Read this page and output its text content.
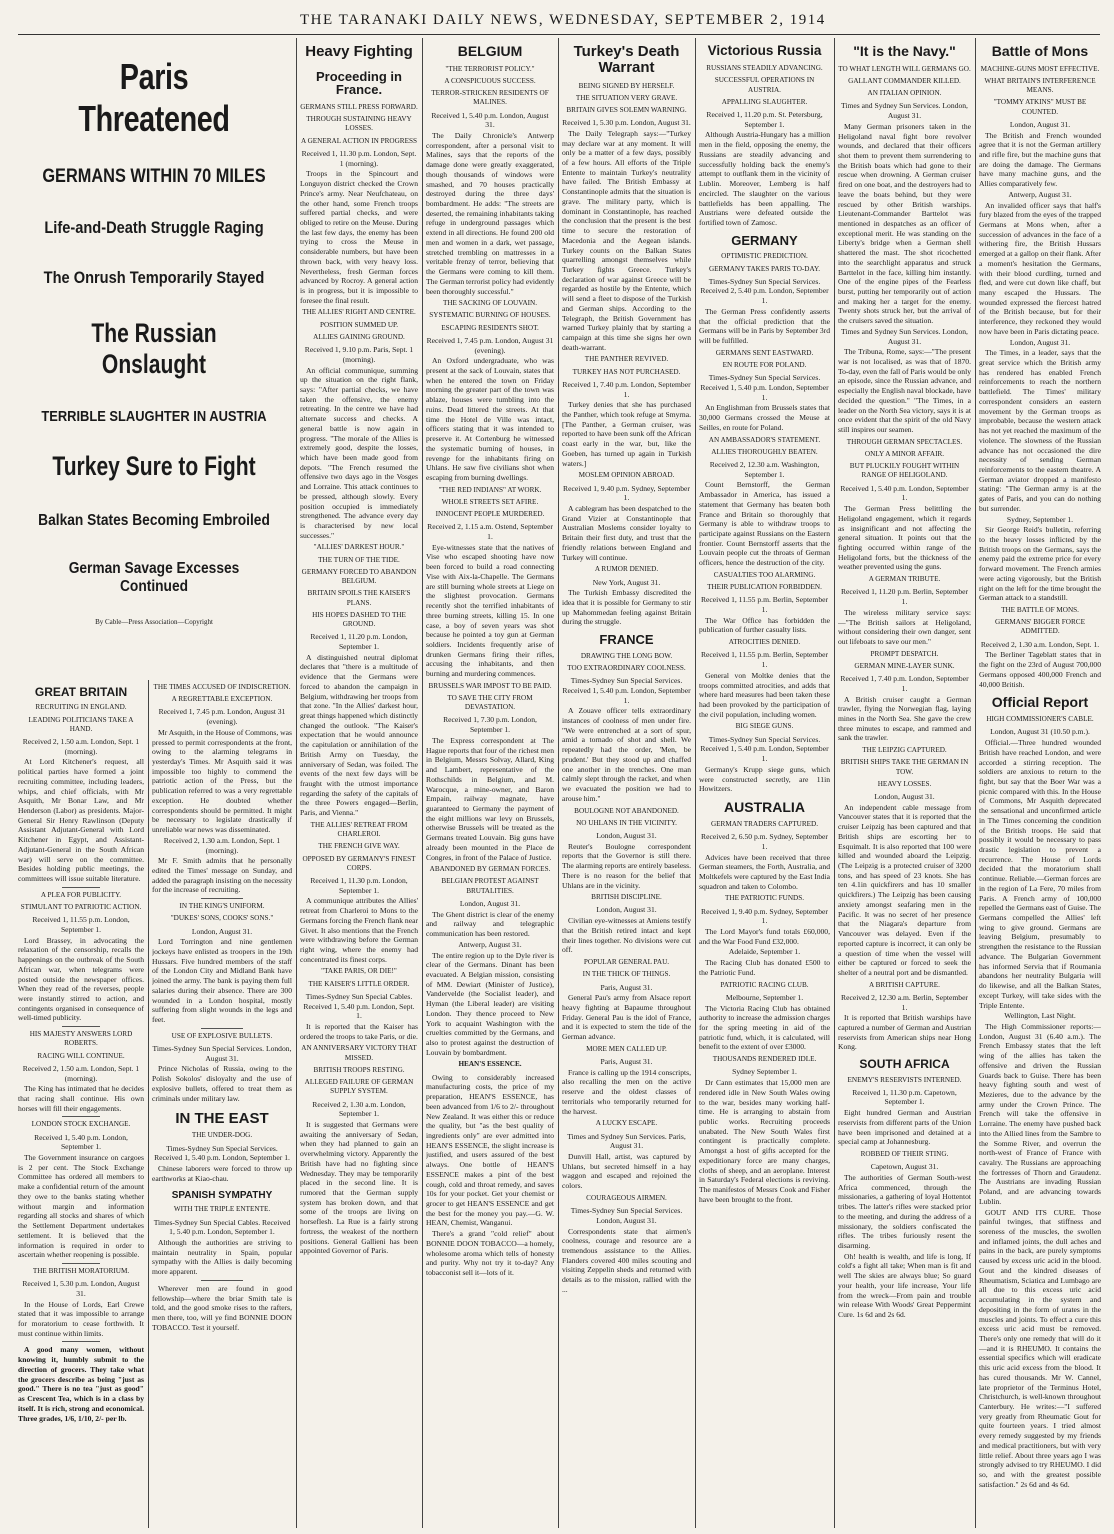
THE TARANAKI DAILY NEWS, WEDNESDAY, SEPTEMBER 2, 1914
Paris Threatened
GERMANS WITHIN 70 MILES
Life-and-Death Struggle Raging
The Onrush Temporarily Stayed
The Russian Onslaught
TERRIBLE SLAUGHTER IN AUSTRIA
Turkey Sure to Fight
Balkan States Becoming Embroiled
German Savage Excesses Continued
By Cable—Press Association—Copyright
GREAT BRITAIN
RECRUITING IN ENGLAND.
LEADING POLITICIANS TAKE A HAND.
Received 2, 1.50 a.m. London, Sept. 1 (morning).

At Lord Kitchener's request, all political parties have formed a joint recruiting committee, including leaders, whips, and chief officials, with Mr Asquith, Mr Bonar Law, and Mr Henderson (Labor) as presidents. Major-General Sir Henry Rawlinson (Deputy Assistant Adjutant-General with Lord Kitchener in Egypt, and Assistant-Adjutant-General in the South African war) will serve on the committee. Besides holding public meetings, the committees will issue suitable literature.

A PLEA FOR PUBLICITY.
STIMULANT TO PATRIOTIC ACTION.
Received 1, 11.55 p.m. London, September 1.

Lord Brassey, in advocating the relaxation of the censorship, recalls the happenings on the outbreak of the South African war, when telegrams were posted outside the newspaper offices. When they read of the reverses, people were instantly stirred to action, and contingents organised in consequence of well-timed publicity.

HIS MAJESTY ANSWERS LORD ROBERTS.
RACING WILL CONTINUE.
Received 2, 1.50 a.m. London, Sept. 1 (morning).

The King has intimated that he decides that racing shall continue. His own horses will fill their engagements.

LONDON STOCK EXCHANGE.
Received 1, 5.40 p.m. London, September 1.

The Government insurance on cargoes is 2 per cent. The Stock Exchange Committee has ordered all members to make a confidential return of the amount they owe to the banks stating whether without margin and information regarding all stocks and shares of which the Settlement Department undertakes settlement. It is believed that the information is required in order to ascertain whether reopening is possible.

THE BRITISH MORATORIUM.
Received 1, 5.30 p.m. London, August 31.

In the House of Lords, Earl Crewe stated that it was impossible to arrange for moratorium to cease forthwith. It must continue within limits.

A good many women, without knowing it, humbly submit to the direction of grocers. They take what the grocers describe as being "just as good." There is no tea "just as good" as Crescent Tea, which is in a class by itself. It is rich, strong and economical. Three grades, 1/6, 1/10, 2/- per lb.

THE TIMES ACCUSED OF INDISCRETION.
A REGRETTABLE EXCEPTION.
Received 1, 7.45 p.m. London, August 31 (evening).

Mr Asquith, in the House of Commons, was pressed to permit correspondents at the front, owing to the alarming telegrams in yesterday's Times. Mr Asquith said it was impossible too highly to commend the patriotic action of the Press, but the publication referred to was a very regrettable exception. He doubted whether correspondents should be permitted. It might be necessary to legislate drastically if unreliable war news was disseminated.

Received 2, 1.30 a.m. London, Sept. 1 (morning).

Mr F. Smith admits that he personally edited the Times' message on Sunday, and added the paragraph insisting on the necessity for the increase of recruiting.

IN THE KING'S UNIFORM.
"DUKES' SONS, COOKS' SONS."
London, August 31.

Lord Torrington and nine gentlemen jockeys have enlisted as troopers in the 19th Hussars. Five hundred members of the staff of the London City and Midland Bank have joined the army. The bank is paying them full salaries during their absence. There are 300 wounded in a London hospital, mostly suffering from slight wounds in the legs and feet.

USE OF EXPLOSIVE BULLETS.
Times-Sydney Sun Special Services. London, August 31.

Prince Nicholas of Russia, owing to the Polish Sokolos' disloyalty and the use of explosive bullets, offered to treat them as criminals under military law.

IN THE EAST
THE UNDER-DOG.
Times-Sydney Sun Special Services. Received 1, 5.40 p.m. London, September 1.

Chinese laborers were forced to throw up earthworks at Kiao-chau.

SPANISH SYMPATHY
WITH THE TRIPLE ENTENTE.
Times-Sydney Sun Special Cables. Received 1, 5.40 p.m. London, September 1.

Although the authorities are striving to maintain neutrality in Spain, popular sympathy with the Allies is daily becoming more apparent.

Wherever men are found in good fellowship—where the briar Smith tale is told, and the good smoke rises to the rafters, men there, too, will ye find BONNIE DOON TOBACCO. Test it yourself.

Heavy Fighting
Proceeding in France.
GERMANS STILL PRESS FORWARD.
THROUGH SUSTAINING HEAVY LOSSES.
A GENERAL ACTION IN PROGRESS
Received 1, 11.30 p.m. London, Sept. 1 (morning).

Troops in the Spincourt and Longuyon district checked the Crown Prince's army. Near Neufchateau, on the other hand, some French troops suffered partial checks, and were obliged to retire on the Meuse. During the last few days, the enemy has been trying to cross the Meuse in considerable numbers, but have been thrown back, with very heavy loss. Nevertheless, fresh German forces advanced by Rocroy. A general action is in progress, but it is impossible to foresee the final result.

THE ALLIES' RIGHT AND CENTRE.
POSITION SUMMED UP.
ALLIES GAINING GROUND.
Received 1, 9.10 p.m. Paris, Sept. 1 (morning).

An official communique, summing up the situation on the right flank, says: "After partial checks, we have taken the offensive, the enemy retreating. In the centre we have had alternate success and checks. A general battle is now again in progress. "The morale of the Allies is extremely good, despite the losses, which have been made good from depots. "The French resumed the offensive two days ago in the Vosges and Lorraine. This attack continues to be pressed, although slowly. Every position occupied is immediately strengthened. The advance every day is characterised by new local successes."

"ALLIES' DARKEST HOUR."
THE TURN OF THE TIDE.
GERMANY FORCED TO ABANDON BELGIUM.
BRITAIN SPOILS THE KAISER'S PLANS.
HIS HOPES DASHED TO THE GROUND.
Received 1, 11.20 p.m. London, September 1.

A distinguished neutral diplomat declares that "there is a multitude of evidence that the Germans were forced to abandon the campaign in Belgium, withdrawing her troops from that zone. "In the Allies' darkest hour, great things happened which distinctly changed the outlook. "The Kaiser's expectation that he would announce the capitulation or annihilation of the British Army on Tuesday, the anniversary of Sedan, was foiled. The events of the next few days will be fraught with the utmost importance regarding the safety of the capitals of the three Powers engaged—Berlin, Paris, and Vienna."

THE ALLIES' RETREAT FROM CHARLEROI.
THE FRENCH GIVE WAY.
OPPOSED BY GERMANY'S FINEST CORPS.
Received 1, 11.30 p.m. London, September 1.

A communique attributes the Allies' retreat from Charleroi to Mons to the Germans forcing the French flank near Givet. It also mentions that the French were withdrawing before the German right wing, where the enemy had concentrated its finest corps.

"TAKE PARIS, OR DIE!"
THE KAISER'S LITTLE ORDER.
Times-Sydney Sun Special Cables. Received 1, 5.40 p.m. London, Sept. 1.

It is reported that the Kaiser has ordered the troops to take Paris, or die.

AN ANNIVERSARY VICTORY THAT MISSED.
BRITISH TROOPS RESTING.
ALLEGED FAILURE OF GERMAN SUPPLY SYSTEM.
Received 2, 1.30 a.m. London, September 1.

It is suggested that Germans were awaiting the anniversary of Sedan, when they had planned to gain an overwhelming victory. Apparently the British have had no fighting since Wednesday. They may be temporarily placed in the second line. It is rumored that the German supply system has broken down, and that some of the troops are living on horseflesh. La Rue is a fairly strong fortress, the weakest of the northern positions. General Gallieni has been appointed Governor of Paris.

BELGIUM
"THE TERRORIST POLICY."
A CONSPICUOUS SUCCESS.
TERROR-STRICKEN RESIDENTS OF MALINES.
Received 1, 5.40 p.m. London, August 31.

The Daily Chronicle's Antwerp correspondent, after a personal visit to Malines, says that the reports of the damage done were greatly exaggerated, though thousands of windows were smashed, and 70 houses practically destroyed during the three days' bombardment. He adds: "The streets are deserted, the remaining inhabitants taking refuge in underground passages which extend in all directions. He found 200 old men and women in a dark, wet passage, stretched trembling on mattresses in a veritable frenzy of terror, believing that the Germans were coming to kill them. The German terrorist policy had evidently been thoroughly successful."

THE SACKING OF LOUVAIN.
SYSTEMATIC BURNING OF HOUSES.
ESCAPING RESIDENTS SHOT.
Received 1, 7.45 p.m. London, August 31 (evening).

An Oxford undergraduate, who was present at the sack of Louvain, states that when he entered the town on Friday morning the greater part of the town was ablaze, houses were tumbling into the ruins. Dead littered the streets. At that time the Hotel de Ville was intact, officers stating that it was intended to preserve it. At Cortenburg he witnessed the systematic burning of houses, in revenge for the inhabitants firing on Uhlans. He saw five civilians shot when escaping from burning dwellings.

"THE RED INDIANS" AT WORK.
WHOLE STREETS SET AFIRE.
INNOCENT PEOPLE MURDERED.
Received 2, 1.15 a.m. Ostend, September 1.

Eye-witnesses state that the natives of Vise who escaped shooting have now been forced to build a road connecting Vise with Aix-la-Chapelle. The Germans are still burning whole streets at Liege on the slightest provocation. Germans recently shot the terrified inhabitants of three burning streets, killing 15. In one case, a boy of seven years was shot because he pointed a toy gun at German soldiers. Incidents frequently arise of drunken Germans firing their rifles, accusing the inhabitants, and then burning and murdering commences.

BRUSSELS WAR IMPOST TO BE PAID.
TO SAVE THE CITY FROM DEVASTATION.
Received 1, 7.30 p.m. London, September 1.

The Express correspondent at The Hague reports that four of the richest men in Belgium, Messrs Solvay, Allard, King and Lambert, representative of the Rothschilds in Belgium, and M. Warocque, a mine-owner, and Baron Empain, railway magnate, have guaranteed to Germany the payment of the eight millions war levy on Brussels, otherwise Brussels will be treated as the Germans treated Louvain. Big guns have already been mounted in the Place de Congres, in front of the Palace of Justice.

ABANDONED BY GERMAN FORCES.
BELGIAN PROTEST AGAINST BRUTALITIES.
London, August 31.

The Ghent district is clear of the enemy and railway and telegraphic communication has been restored.

Antwerp, August 31.

The entire region up to the Dyle river is clear of the Germans. Dinant has been evacuated. A Belgian mission, consisting of MM. Dewiart (Minister of Justice), Vandervelde (the Socialist leader), and Hyman (the Liberal leader) are visiting London. They thence proceed to New York to acquaint Washington with the cruelties committed by the Germans, and also to protest against the destruction of Louvain by bombardment.

HEAN'S ESSENCE.

Owing to considerably increased manufacturing costs, the price of my preparation, HEAN'S ESSENCE, has been advanced from 1/6 to 2/- throughout New Zealand. It was either this or reduce the quality, but "as the best quality of ingredients only" are ever admitted into HEAN'S ESSENCE, the slight increase is justified, and users assured of the best always. One bottle of HEAN'S ESSENCE makes a pint of the best cough, cold and throat remedy, and saves 10s for your pocket. Get your chemist or grocer to get HEAN'S ESSENCE and get the best for the money you pay.—G. W. HEAN, Chemist, Wanganui.

There's a grand "cold relief" about BONNIE DOON TOBACCO—a homely, wholesome aroma which tells of honesty and purity. Why not try it to-day? Any tobacconist sell it—lots of it.

Turkey's Death
Warrant
BEING SIGNED BY HERSELF.
THE SITUATION VERY GRAVE.
BRITAIN GIVES SOLEMN WARNING.
Received 1, 5.30 p.m. London, August 31.

The Daily Telegraph says:—"Turkey may declare war at any moment. It will only be a matter of a few days, possibly of a few hours. All efforts of the Triple Entente to maintain Turkey's neutrality have failed. The British Embassy at Constantinople admits that the situation is grave. The military party, which is dominant in Constantinople, has reached the conclusion that the present is the best time to secure the restoration of Macedonia and the Aegean islands. Turkey counts on the Balkan States quarrelling amongst themselves while Turkey fights Greece. Turkey's declaration of war against Greece will be regarded as hostile by the Entente, which will send a fleet to dispose of the Turkish and German ships. According to the Telegraph, the British Government has warned Turkey plainly that by starting a campaign at this time she signs her own death-warrant.

THE PANTHER REVIVED.
TURKEY HAS NOT PURCHASED.
Received 1, 7.40 p.m. London, September 1.

Turkey denies that she has purchased the Panther, which took refuge at Smyrna. [The Panther, a German cruiser, was reported to have been sunk off the African coast early in the war, but, like the Goeben, has turned up again in Turkish waters.]

MOSLEM OPINION ABROAD.
Received 1, 9.40 p.m. Sydney, September 1.

A cablegram has been despatched to the Grand Vizier at Constantinople that Australian Moslems consider loyalty to Britain their first duty, and trust that the friendly relations between England and Turkey will continue.

A RUMOR DENIED.
New York, August 31.

The Turkish Embassy discredited the idea that it is possible for Germany to stir up Mahommedan feeling against Britain during the struggle.

FRANCE
DRAWING THE LONG BOW.
TOO EXTRAORDINARY COOLNESS.
Times-Sydney Sun Special Services. Received 1, 5.40 p.m. London, September 1.

A Zouave officer tells extraordinary instances of coolness of men under fire. "We were entrenched at a sort of spur, amid a tornado of shot and shell. We repeatedly had the order, 'Men, be prudent.' But they stood up and chaffed one another in the trenches. One man calmly slept through the racket, and when we evacuated the position we had to arouse him."

BOULOGNE NOT ABANDONED.
NO UHLANS IN THE VICINITY.
London, August 31.

Reuter's Boulogne correspondent reports that the Governor is still there. The alarming reports are entirely baseless. There is no reason for the belief that Uhlans are in the vicinity.

BRITISH DISCIPLINE.
London, August 31.

Civilian eye-witnesses at Amiens testify that the British retired intact and kept their lines together. No divisions were cut off.

POPULAR GENERAL PAU.
IN THE THICK OF THINGS.
Paris, August 31.

General Pau's army from Alsace report heavy fighting at Bapaume throughout Friday. General Pau is the idol of France, and it is expected to stem the tide of the German advance.

MORE MEN CALLED UP.
Paris, August 31.

France is calling up the 1914 conscripts, also recalling the men on the active reserve and the oldest classes of territorials who temporarily returned for the harvest.

A LUCKY ESCAPE.
Times and Sydney Sun Services. Paris, August 31.

Dunvill Hall, artist, was captured by Uhlans, but secreted himself in a hay waggon and escaped and rejoined the colors.

COURAGEOUS AIRMEN.
Times-Sydney Sun Special Services. London, August 31.

Correspondents state that airmen's coolness, courage and resource are a tremendous assistance to the Allies. Flanders covered 400 miles scouting and visiting Zeppelin sheds and returned with details as to the mission, rallied with the ...

Victorious Russia
RUSSIANS STEADILY ADVANCING.
SUCCESSFUL OPERATIONS IN AUSTRIA.
APPALLING SLAUGHTER.
Received 1, 11.20 p.m. St. Petersburg, September 1.

Although Austria-Hungary has a million men in the field, opposing the enemy, the Russians are steadily advancing and successfully holding back the enemy's attempt to outflank them in the vicinity of Lublin. Moreover, Lemberg is half encircled. The slaughter on the various battlefields has been appalling. The Austrians were defeated outside the fortified town of Zamosc.

GERMANY
OPTIMISTIC PREDICTION.
GERMANY TAKES PARIS TO-DAY.
Times-Sydney Sun Special Services. Received 2, 5.40 p.m. London, September 1.

The German Press confidently asserts that the official prediction that the Germans will be in Paris by September 3rd will be fulfilled.

GERMANS SENT EASTWARD.
EN ROUTE FOR POLAND.
Times-Sydney Sun Special Services. Received 1, 5.40 p.m. London, September 1.

An Englishman from Brussels states that 30,000 Germans crossed the Meuse at Seilles, en route for Poland.

AN AMBASSADOR'S STATEMENT.
ALLIES THOROUGHLY BEATEN.
Received 2, 12.30 a.m. Washington, September 1.

Count Bernstorff, the German Ambassador in America, has issued a statement that Germany has beaten both France and Britain so thoroughly that Germany is able to withdraw troops to participate against Russians on the Eastern frontier. Count Bernstorff asserts that the Louvain people cut the throats of German officers, hence the destruction of the city.

CASUALTIES TOO ALARMING.
THEIR PUBLICATION FORBIDDEN.
Received 1, 11.55 p.m. Berlin, September 1.

The War Office has forbidden the publication of further casualty lists.

ATROCITIES DENIED.
Received 1, 11.55 p.m. Berlin, September 1.

General von Moltke denies that the troops committed atrocities, and adds that where hard measures had been taken these had been provoked by the participation of the civil population, including women.

BIG SIEGE GUNS.
Times-Sydney Sun Special Services. Received 1, 5.40 p.m. London, September 1.

Germany's Krupp siege guns, which were constructed secretly, are 11in Howitzers.

AUSTRALIA
GERMAN TRADERS CAPTURED.
Received 2, 6.50 p.m. Sydney, September 1.

Advices have been received that three German steamers, the Forth, Australia, and Moltkefels were captured by the East India squadron and taken to Colombo.

THE PATRIOTIC FUNDS.
Received 1, 9.40 p.m. Sydney, September 1.

The Lord Mayor's fund totals £60,000, and the War Food Fund £32,000.

Adelaide, September 1.

The Racing Club has donated £500 to the Patriotic Fund.

PATRIOTIC RACING CLUB.
Melbourne, September 1.

The Victoria Racing Club has obtained authority to increase the admission charges for the spring meeting in aid of the patriotic fund, which, it is calculated, will benefit to the extent of over £3000.

THOUSANDS RENDERED IDLE.
Sydney September 1.

Dr Cann estimates that 15,000 men are rendered idle in New South Wales owing to the war, besides many working half-time. He is arranging to abstain from public works. Recruiting proceeds unabated. The New South Wales first contingent is practically complete. Amongst a host of gifts accepted for the expeditionary force are many charges, cloths of sheep, and an aeroplane. Interest in Saturday's Federal elections is reviving. The manifestos of Messrs Cook and Fisher have been brought to the front.

"It is the Navy."
TO WHAT LENGTH WILL GERMANS GO.
GALLANT COMMANDER KILLED.
AN ITALIAN OPINION.
Times and Sydney Sun Services. London, August 31.

Many German prisoners taken in the Heligoland naval fight bore revolver wounds, and declared that their officers shot them to prevent them surrendering to the British boats which had gone to their rescue when drowning. A German cruiser fired on one boat, and the destroyers had to leave the boats behind, but they were rescued by other British warships. Lieutenant-Commander Barttelot was mentioned in despatches as an officer of exceptional merit. He was standing on the Liberty's bridge when a German shell shattered the mast. The shot ricochetted into the searchlight apparatus and struck Barttelot in the face, killing him instantly. One of the engine pipes of the Fearless burst, putting her temporarily out of action and making her a target for the enemy. Twenty shots struck her, but the arrival of the cruisers saved the situation.

Times and Sydney Sun Services. London, August 31.

The Tribuna, Rome, says:—"The present war is not localised, as was that of 1870. To-day, even the fall of Paris would be only an episode, since the Russian advance, and especially the English naval blockade, have decided the question." "The Times, in a leader on the North Sea victory, says it is at once evident that the spirit of the old Navy still inspires our seamen.

THROUGH GERMAN SPECTACLES.
ONLY A MINOR AFFAIR.
BUT PLUCKILY FOUGHT WITHIN RANGE OF HELIGOLAND.
Received 1, 5.40 p.m. London, September 1.

The German Press belittling the Heligoland engagement, which it regards as insignificant and not affecting the general situation. It points out that the fighting occurred within range of the Heligoland forts, but the thickness of the weather prevented using the guns.

A GERMAN TRIBUTE.
Received 1, 11.20 p.m. Berlin, September 1.

The wireless military service says:—"The British sailors at Heligoland, without considering their own danger, sent out lifeboats to save our men."

PROMPT DESPATCH.
GERMAN MINE-LAYER SUNK.
Received 1, 7.40 p.m. London, September 1.

A British cruiser caught a German trawler, flying the Norwegian flag, laying mines in the North Sea. She gave the crew three minutes to escape, and rammed and sank the trawler.

THE LEIPZIG CAPTURED.
BRITISH SHIPS TAKE THE GERMAN IN TOW.
HEAVY LOSSES.
London, August 31.

An independent cable message from Vancouver states that it is reported that the cruiser Leipzig has been captured and that British ships are escorting her to Esquimalt. It is also reported that 100 were killed and wounded aboard the Leipzig. (The Leipzig is a protected cruiser of 3200 tons, and has speed of 23 knots. She has ten 4.1in quickfirers and has 10 smaller quickfirers.) The Leipzig has been causing anxiety amongst seafaring men in the Pacific. It was no secret of her presence that the Niagara's departure from Vancouver was delayed. Even if the reported capture is incorrect, it can only be a question of time when the vessel will either be captured or forced to seek the shelter of a neutral port and be dismantled.

A BRITISH CAPTURE.
Received 2, 12.30 a.m. Berlin, September 1.

It is reported that British warships have captured a number of German and Austrian reservists from American ships near Hong Kong.

SOUTH AFRICA
ENEMY'S RESERVISTS INTERNED.
Received 1, 11.30 p.m. Capetown, September 1.

Eight hundred German and Austrian reservists from different parts of the Union have been imprisoned and detained at a special camp at Johannesburg.

ROBBED OF THEIR STING.
Capetown, August 31.

The authorities of German South-west Africa commenced, through the missionaries, a gathering of loyal Hottentot tribes. The latter's rifles were stacked prior to the meeting, and during the address of a missionary, the soldiers confiscated the rifles. The tribes furiously resent the disarming.

Oh! health is wealth, and life is long, If cold's a fight all take; When man is fit and well The skies are always blue; So guard your health, your life increase, Your life from the wreck—From pain and trouble win release With Woods' Great Peppermint Cure. 1s 6d and 2s 6d.

Battle of Mons
MACHINE-GUNS MOST EFFECTIVE.
WHAT BRITAIN'S INTERFERENCE MEANS.
"TOMMY ATKINS" MUST BE COUNTED.
London, August 31.

The British and French wounded agree that it is not the German artillery and rifle fire, but the machine guns that are doing the damage. The Germans have many machine guns, and the Allies comparatively few.

Antwerp, August 31.

An invalided officer says that half's fury blazed from the eyes of the trapped Germans at Mons when, after a succession of advances in the face of a withering fire, the British Hussars emerged at a gallop on their flank. After a moment's hesitation the Germans, with their blood curdling, turned and fled, and were cut down like chaff, but many escaped the Hussars. The wounded expressed the fiercest hatred of the British because, but for their interference, they reckoned they would now have been in Paris dictating peace.

London, August 31.

The Times, in a leader, says that the great service which the British army has rendered has enabled French reinforcements to reach the northern battlefield. The Times' military correspondent considers an eastern movement by the German troops as improbable, because the western attack has not yet reached the maximum of the violence. The slowness of the Russian advance has not occasioned the dire necessity of sending German reinforcements to the eastern theatre. A German aviator dropped a manifesto stating: "The German army is at the gates of Paris, and you can do nothing but surrender.

Sydney, September 1.

Sir George Reid's bulletin, referring to the heavy losses inflicted by the British troops on the Germans, says the enemy paid the extreme price for every forward movement. The French armies were acting vigorously, but the British right on the left for the time brought the German attack to a standstill.

THE BATTLE OF MONS.
GERMANS' BIGGER FORCE ADMITTED.
Received 2, 1.30 a.m. London, Sept. 1.

The Berliner Tageblatt states that in the fight on the 23rd of August 700,000 Germans opposed 400,000 French and 40,000 British.

Official Report
HIGH COMMISSIONER'S CABLE.
London, August 31 (10.50 p.m.).

Official.—Three hundred wounded British have reached London, and were accorded a stirring reception. The soldiers are anxious to return to the fight, but say that the Boer War was a picnic compared with this. In the House of Commons, Mr Asquith deprecated the sensational and unconfirmed article in The Times concerning the condition of the British troops. He said that possibly it would be necessary to pass drastic legislation to prevent a recurrence. The House of Lords decided that the moratorium shall continue. Reliable.—German forces are in the region of La Fere, 70 miles from Paris. A French army of 100,000 repelled the Germans east of Guise. The Germans compelled the Allies' left wing to give ground. Germans are leaving Belgium, presumably to strengthen the resistance to the Russian advance. The Bulgarian Government has informed Servia that if Roumania abandons her neutrality Bulgaria will do likewise, and all the Balkan States, except Turkey, will take sides with the Triple Entente.

Wellington, Last Night.

The High Commissioner reports:—London, August 31 (6.40 a.m.). The French Embassy states that the left wing of the allies has taken the offensive and driven the Russian Guards back to Guise. There has been heavy fighting south and west of Mezieres, due to the advance by the army under the Crown Prince. The French will take the offensive in Lorraine. The enemy have pushed back into the Allied lines from the Sambre to the Somme River, and overrun the north-west of France of France with cavalry. The Russians are approaching the fortresses of Thorn and Graudenz. The Austrians are invading Russian Poland, and are advancing towards Lublin.

GOUT AND ITS CURE. Those painful twinges, that stiffness and soreness of the muscles, the swollen and inflamed joints, the dull aches and pains in the back, are purely symptoms caused by excess uric acid in the blood. Gout and the kindred diseases of Rheumatism, Sciatica and Lumbago are all due to this excess uric acid accumulating in the system and depositing in the form of urates in the muscles and joints. To effect a cure this excess uric acid must be removed. There's only one remedy that will do it—and it is RHEUMO. It contains the essential specifics which will eradicate this uric acid excess from the blood. It has cured thousands. Mr W. Cannel, late proprietor of the Terminus Hotel, Christchurch, is well-known throughout Canterbury. He writes:—"I suffered very greatly from Rheumatic Gout for quite fourteen years. I tried almost every remedy suggested by my friends and medical practitioners, but with very little relief. About three years ago I was strongly advised to try RHEUMO. I did so, and with the greatest possible satisfaction." 2s 6d and 4s 6d.
